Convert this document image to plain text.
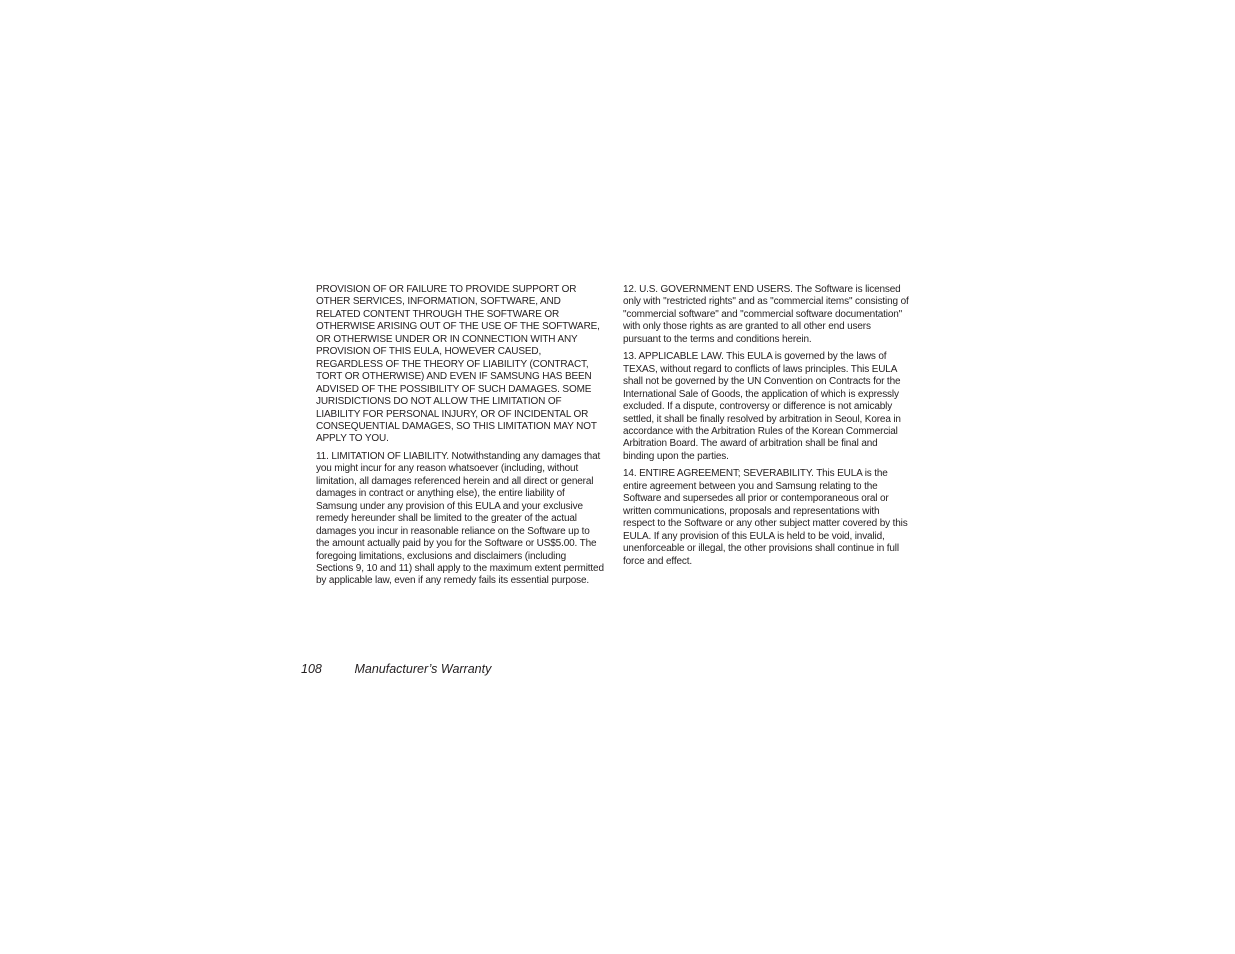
PROVISION OF OR FAILURE TO PROVIDE SUPPORT OR OTHER SERVICES, INFORMATION, SOFTWARE, AND RELATED CONTENT THROUGH THE SOFTWARE OR OTHERWISE ARISING OUT OF THE USE OF THE SOFTWARE, OR OTHERWISE UNDER OR IN CONNECTION WITH ANY PROVISION OF THIS EULA, HOWEVER CAUSED, REGARDLESS OF THE THEORY OF LIABILITY (CONTRACT, TORT OR OTHERWISE) AND EVEN IF SAMSUNG HAS BEEN ADVISED OF THE POSSIBILITY OF SUCH DAMAGES. SOME JURISDICTIONS DO NOT ALLOW THE LIMITATION OF LIABILITY FOR PERSONAL INJURY, OR OF INCIDENTAL OR CONSEQUENTIAL DAMAGES, SO THIS LIMITATION MAY NOT APPLY TO YOU.

11. LIMITATION OF LIABILITY. Notwithstanding any damages that you might incur for any reason whatsoever (including, without limitation, all damages referenced herein and all direct or general damages in contract or anything else), the entire liability of Samsung under any provision of this EULA and your exclusive remedy hereunder shall be limited to the greater of the actual damages you incur in reasonable reliance on the Software up to the amount actually paid by you for the Software or US$5.00. The foregoing limitations, exclusions and disclaimers (including Sections 9, 10 and 11) shall apply to the maximum extent permitted by applicable law, even if any remedy fails its essential purpose.

12. U.S. GOVERNMENT END USERS. The Software is licensed only with "restricted rights" and as "commercial items" consisting of "commercial software" and "commercial software documentation" with only those rights as are granted to all other end users pursuant to the terms and conditions herein.

13. APPLICABLE LAW. This EULA is governed by the laws of TEXAS, without regard to conflicts of laws principles. This EULA shall not be governed by the UN Convention on Contracts for the International Sale of Goods, the application of which is expressly excluded. If a dispute, controversy or difference is not amicably settled, it shall be finally resolved by arbitration in Seoul, Korea in accordance with the Arbitration Rules of the Korean Commercial Arbitration Board. The award of arbitration shall be final and binding upon the parties.

14. ENTIRE AGREEMENT; SEVERABILITY. This EULA is the entire agreement between you and Samsung relating to the Software and supersedes all prior or contemporaneous oral or written communications, proposals and representations with respect to the Software or any other subject matter covered by this EULA. If any provision of this EULA is held to be void, invalid, unenforceable or illegal, the other provisions shall continue in full force and effect.

108	Manufacturer’s Warranty
